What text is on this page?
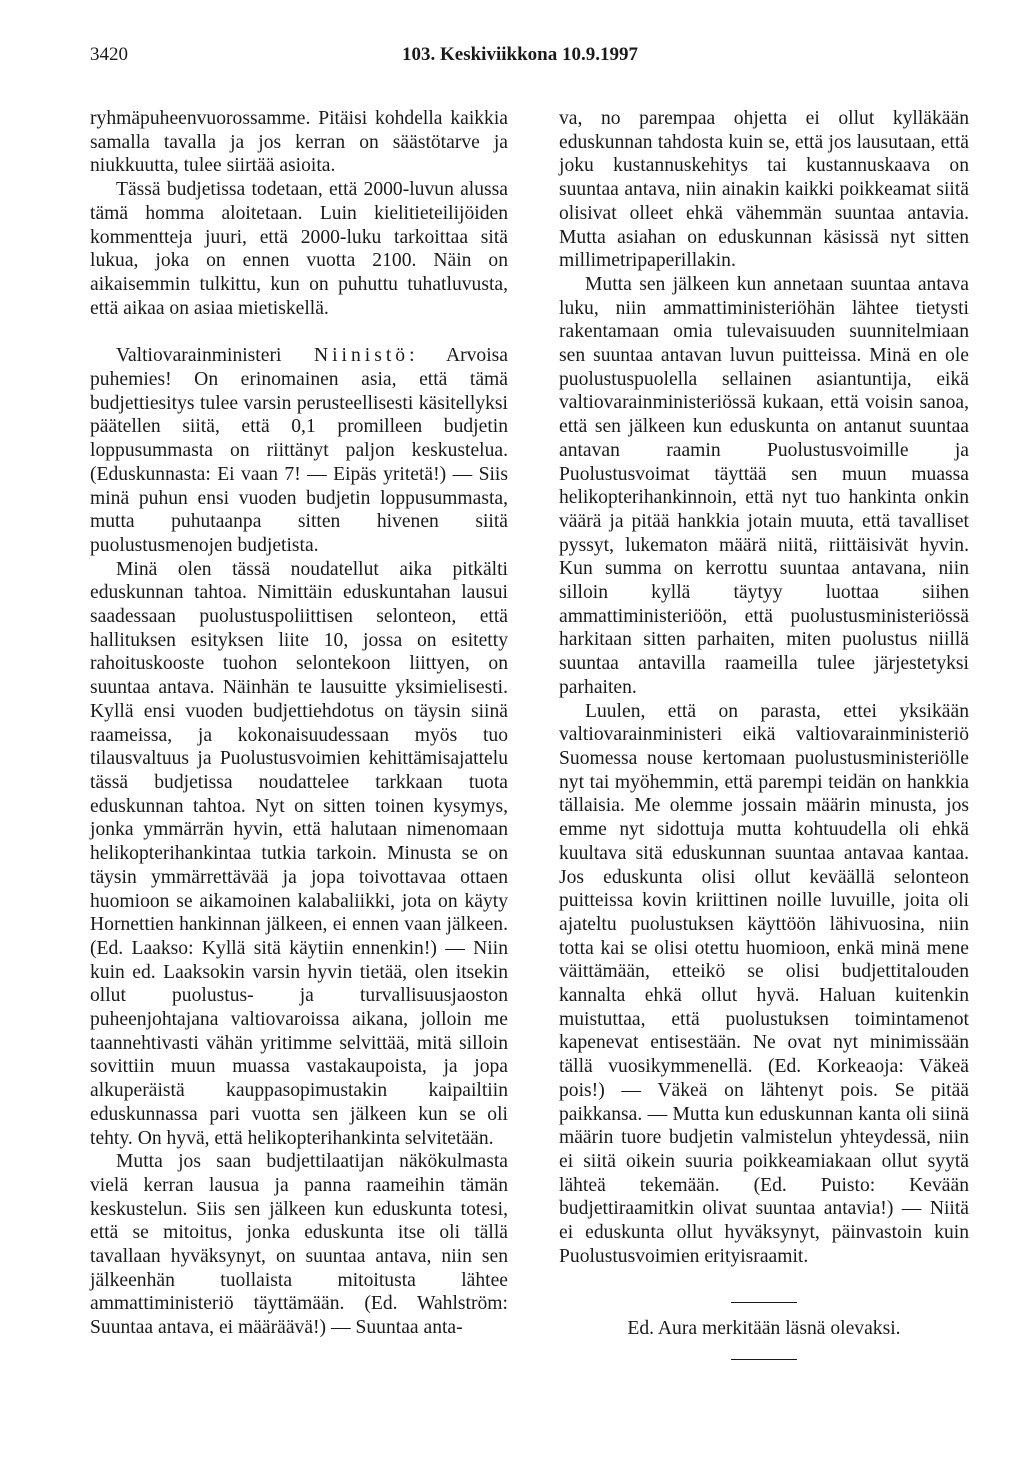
3420	103. Keskiviikkona 10.9.1997

ryhmäpuheenvuorossamme. Pitäisi kohdella kaikkia samalla tavalla ja jos kerran on säästötarve ja niukkuutta, tulee siirtää asioita.

Tässä budjetissa todetaan, että 2000-luvun alussa tämä homma aloitetaan. Luin kielitieteilijöiden kommentteja juuri, että 2000-luku tarkoittaa sitä lukua, joka on ennen vuotta 2100. Näin on aikaisemmin tulkittu, kun on puhuttu tuhatluvusta, että aikaa on asiaa mietiskellä.

Valtiovarainministeri Niinistö: Arvoisa puhemies! On erinomainen asia, että tämä budjettiesitys tulee varsin perusteellisesti käsitellyksi päätellen siitä, että 0,1 promilleen budjetin loppusummasta on riittänyt paljon keskustelua. (Eduskunnasta: Ei vaan 7! — Eipäs yritetä!) — Siis minä puhun ensi vuoden budjetin loppusummasta, mutta puhutaanpa sitten hivenen siitä puolustusmenojen budjetista.

Minä olen tässä noudatellut aika pitkälti eduskunnan tahtoa. Nimittäin eduskuntahan lausui saadessaan puolustuspoliittisen selonteon, että hallituksen esityksen liite 10, jossa on esitetty rahoituskooste tuohon selontekoon liittyen, on suuntaa antava. Näinhän te lausuitte yksimielisesti. Kyllä ensi vuoden budjettiehdotus on täysin siinä raameissa, ja kokonaisuudessaan myös tuo tilausvaltuus ja Puolustusvoimien kehittämisajattelu tässä budjetissa noudattelee tarkkaan tuota eduskunnan tahtoa. Nyt on sitten toinen kysymys, jonka ymmärrän hyvin, että halutaan nimenomaan helikopterihankintaa tutkia tarkoin. Minusta se on täysin ymmärrettävää ja jopa toivottavaa ottaen huomioon se aikamoinen kalabaliikki, jota on käyty Hornettien hankinnan jälkeen, ei ennen vaan jälkeen. (Ed. Laakso: Kyllä sitä käytiin ennenkin!) — Niin kuin ed. Laaksokin varsin hyvin tietää, olen itsekin ollut puolustus- ja turvallisuusjaoston puheenjohtajana valtiovaroissa aikana, jolloin me taannehtivasti vähän yritimme selvittää, mitä silloin sovittiin muun muassa vastakaupoista, ja jopa alkuperäistä kauppasopimustakin kaipailtiin eduskunnassa pari vuotta sen jälkeen kun se oli tehty. On hyvä, että helikopterihankinta selvitetään.

Mutta jos saan budjettilaatijan näkökulmasta vielä kerran lausua ja panna raameihin tämän keskustelun. Siis sen jälkeen kun eduskunta totesi, että se mitoitus, jonka eduskunta itse oli tällä tavallaan hyväksynyt, on suuntaa antava, niin sen jälkeenhän tuollaista mitoitusta lähtee ammattiministeriö täyttämään. (Ed. Wahlström: Suuntaa antava, ei määräävä!) — Suuntaa anta-

va, no parempaa ohjetta ei ollut kylläkään eduskunnan tahdosta kuin se, että jos lausutaan, että joku kustannuskehitys tai kustannuskaava on suuntaa antava, niin ainakin kaikki poikkeamat siitä olisivat olleet ehkä vähemmän suuntaa antavia. Mutta asiahan on eduskunnan käsissä nyt sitten millimetripaperillakin.

Mutta sen jälkeen kun annetaan suuntaa antava luku, niin ammattiministeriöhän lähtee tietysti rakentamaan omia tulevaisuuden suunnitelmiaan sen suuntaa antavan luvun puitteissa. Minä en ole puolustuspuolella sellainen asiantuntija, eikä valtiovarainministeriössä kukaan, että voisin sanoa, että sen jälkeen kun eduskunta on antanut suuntaa antavan raamin Puolustusvoimille ja Puolustusvoimat täyttää sen muun muassa helikopterihankinnoin, että nyt tuo hankinta onkin väärä ja pitää hankkia jotain muuta, että tavalliset pyssyt, lukematon määrä niitä, riittäisivät hyvin. Kun summa on kerrottu suuntaa antavana, niin silloin kyllä täytyy luottaa siihen ammattiministeriöön, että puolustusministeriössä harkitaan sitten parhaiten, miten puolustus niillä suuntaa antavilla raameilla tulee järjestetyksi parhaiten.

Luulen, että on parasta, ettei yksikään valtiovarainministeri eikä valtiovarainministeriö Suomessa nouse kertomaan puolustusministeriölle nyt tai myöhemmin, että parempi teidän on hankkia tällaisia. Me olemme jossain määrin minusta, jos emme nyt sidottuja mutta kohtuudella oli ehkä kuultava sitä eduskunnan suuntaa antavaa kantaa. Jos eduskunta olisi ollut keväällä selonteon puitteissa kovin kriittinen noille luvuille, joita oli ajateltu puolustuksen käyttöön lähivuosina, niin totta kai se olisi otettu huomioon, enkä minä mene väittämään, etteikö se olisi budjettitalouden kannalta ehkä ollut hyvä. Haluan kuitenkin muistuttaa, että puolustuksen toimintamenot kapenevat entisestään. Ne ovat nyt minimissään tällä vuosikymmenellä. (Ed. Korkeaoja: Väkeä pois!) — Väkeä on lähtenyt pois. Se pitää paikkansa. — Mutta kun eduskunnan kanta oli siinä määrin tuore budjetin valmistelun yhteydessä, niin ei siitä oikein suuria poikkeamiakaan ollut syytä lähteä tekemään. (Ed. Puisto: Kevään budjettiraamitkin olivat suuntaa antavia!) — Niitä ei eduskunta ollut hyväksynyt, päinvastoin kuin Puolustusvoimien erityisraamit.

Ed. Aura merkitään läsnä olevaksi.
